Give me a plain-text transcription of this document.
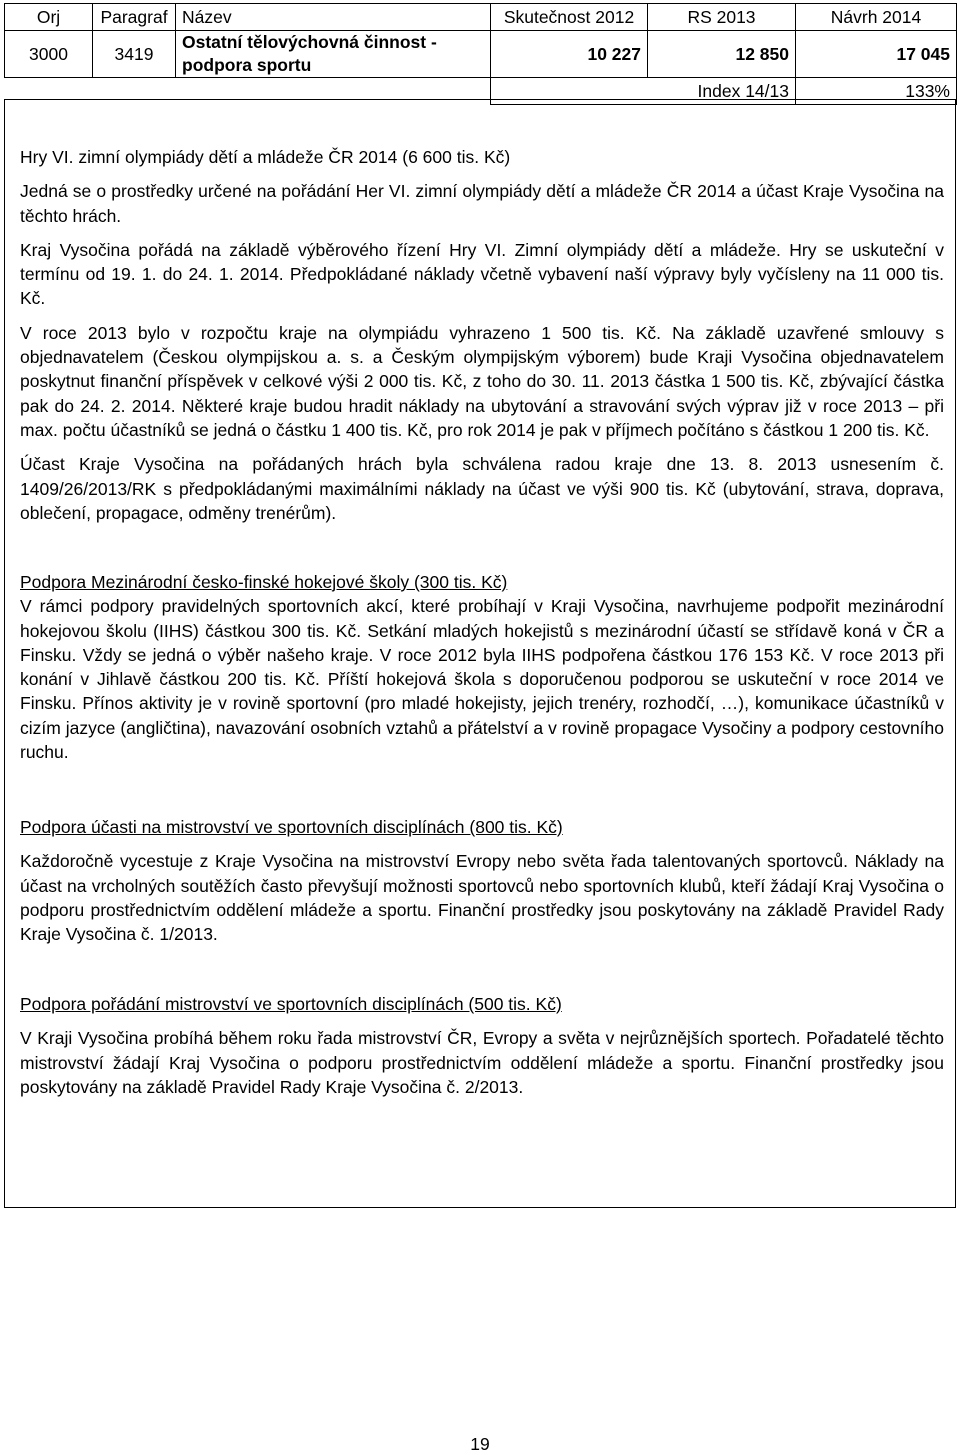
Orj	Paragraf	Název	Skutečnost 2012	RS 2013	Návrh 2014
3000	3419	Ostatní tělovýchovná činnost - podpora sportu	10 227	12 850	17 045
			Index 14/13		133%

Hry VI. zimní olympiády dětí a mládeže ČR 2014 (6 600 tis. Kč)

Jedná se o prostředky určené na pořádání Her VI. zimní olympiády dětí a mládeže ČR 2014 a účast Kraje Vysočina na těchto hrách.

Kraj Vysočina pořádá na základě výběrového řízení Hry VI. Zimní olympiády dětí a mládeže. Hry se uskuteční v termínu od 19. 1. do 24. 1. 2014. Předpokládané náklady včetně vybavení naší výpravy byly vyčísleny na 11 000 tis. Kč.

V roce 2013 bylo v rozpočtu kraje na olympiádu vyhrazeno 1 500 tis. Kč. Na základě uzavřené smlouvy s objednavatelem (Českou olympijskou a. s. a Českým olympijským výborem) bude Kraji Vysočina objednavatelem poskytnut finanční příspěvek v celkové výši 2 000 tis. Kč, z toho do 30. 11. 2013 částka 1 500 tis. Kč, zbývající částka pak do 24. 2. 2014. Některé kraje budou hradit náklady na ubytování a stravování svých výprav již v roce 2013 – při max. počtu účastníků se jedná o částku 1 400 tis. Kč, pro rok 2014 je pak v příjmech počítáno s částkou 1 200 tis. Kč.

Účast Kraje Vysočina na pořádaných hrách byla schválena radou kraje dne 13. 8. 2013 usnesením č. 1409/26/2013/RK s předpokládanými maximálními náklady na účast ve výši 900 tis. Kč (ubytování, strava, doprava, oblečení, propagace, odměny trenérům).

Podpora Mezinárodní česko-finské hokejové školy (300 tis. Kč)

V rámci podpory pravidelných sportovních akcí, které probíhají v Kraji Vysočina, navrhujeme podpořit mezinárodní hokejovou školu (IIHS) částkou 300 tis. Kč. Setkání mladých hokejistů s mezinárodní účastí se střídavě koná v ČR a Finsku. Vždy se jedná o výběr našeho kraje. V roce 2012 byla IIHS podpořena částkou 176 153 Kč. V roce 2013 při konání v Jihlavě částkou 200 tis. Kč. Příští hokejová škola s doporučenou podporou se uskuteční v roce 2014 ve Finsku. Přínos aktivity je v rovině sportovní (pro mladé hokejisty, jejich trenéry, rozhodčí, …), komunikace účastníků v cizím jazyce (angličtina), navazování osobních vztahů a přátelství a v rovině propagace Vysočiny a podpory cestovního ruchu.

Podpora účasti na mistrovství ve sportovních disciplínách (800 tis. Kč)

Každoročně vycestuje z Kraje Vysočina na mistrovství Evropy nebo světa řada talentovaných sportovců. Náklady na účast na vrcholných soutěžích často převyšují možnosti sportovců nebo sportovních klubů, kteří žádají Kraj Vysočina o podporu prostřednictvím oddělení mládeže a sportu. Finanční prostředky jsou poskytovány na základě Pravidel Rady Kraje Vysočina č. 1/2013.

Podpora pořádání mistrovství ve sportovních disciplínách (500 tis. Kč)

V Kraji Vysočina probíhá během roku řada mistrovství ČR, Evropy a světa v nejrůznějších sportech. Pořadatelé těchto mistrovství žádají Kraj Vysočina o podporu prostřednictvím oddělení mládeže a sportu. Finanční prostředky jsou poskytovány na základě Pravidel Rady Kraje Vysočina č. 2/2013.

19
